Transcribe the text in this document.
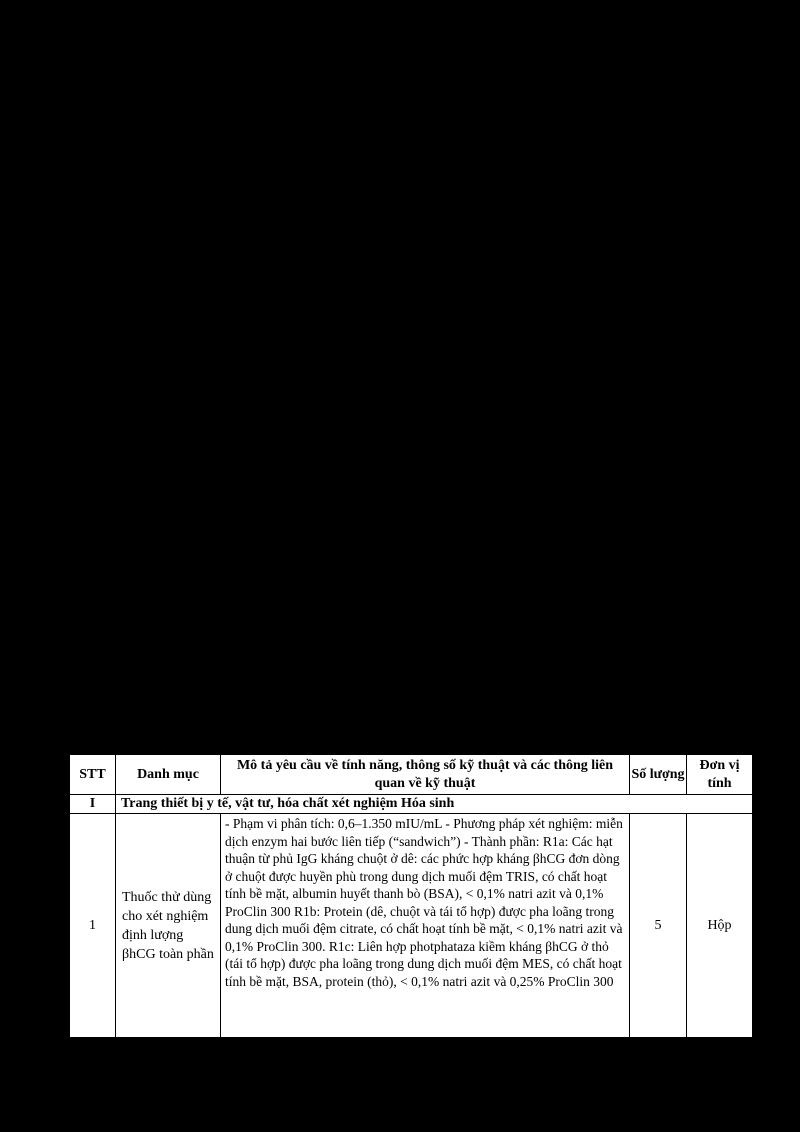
STT	Danh mục	Mô tả yêu cầu về tính năng, thông số kỹ thuật và các thông liên quan về kỹ thuật	Số lượng	Đơn vị tính
I	Trang thiết bị y tế, vật tư, hóa chất xét nghiệm Hóa sinh			
1	Thuốc thử dùng cho xét nghiệm định lượng βhCG toàn phần	- Phạm vi phân tích: 0,6–1.350 mIU/mL - Phương pháp xét nghiệm: miễn dịch enzym hai bước liên tiếp (“sandwich”) - Thành phần: R1a: Các hạt thuận từ phủ IgG kháng chuột ở dê: các phức hợp kháng βhCG đơn dòng ở chuột được huyền phù trong dung dịch muối đệm TRIS, có chất hoạt tính bề mặt, albumin huyết thanh bò (BSA), < 0,1% natri azit và 0,1% ProClin 300 R1b: Protein (dê, chuột và tái tổ hợp) được pha loãng trong dung dịch muối đệm citrate, có chất hoạt tính bề mặt, < 0,1% natri azit và 0,1% ProClin 300. R1c: Liên hợp photphataza kiềm kháng βhCG ở thỏ (tái tổ hợp) được pha loãng trong dung dịch muối đệm MES, có chất hoạt tính bề mặt, BSA, protein (thỏ), < 0,1% natri azit và 0,25% ProClin 300	5	Hộp
